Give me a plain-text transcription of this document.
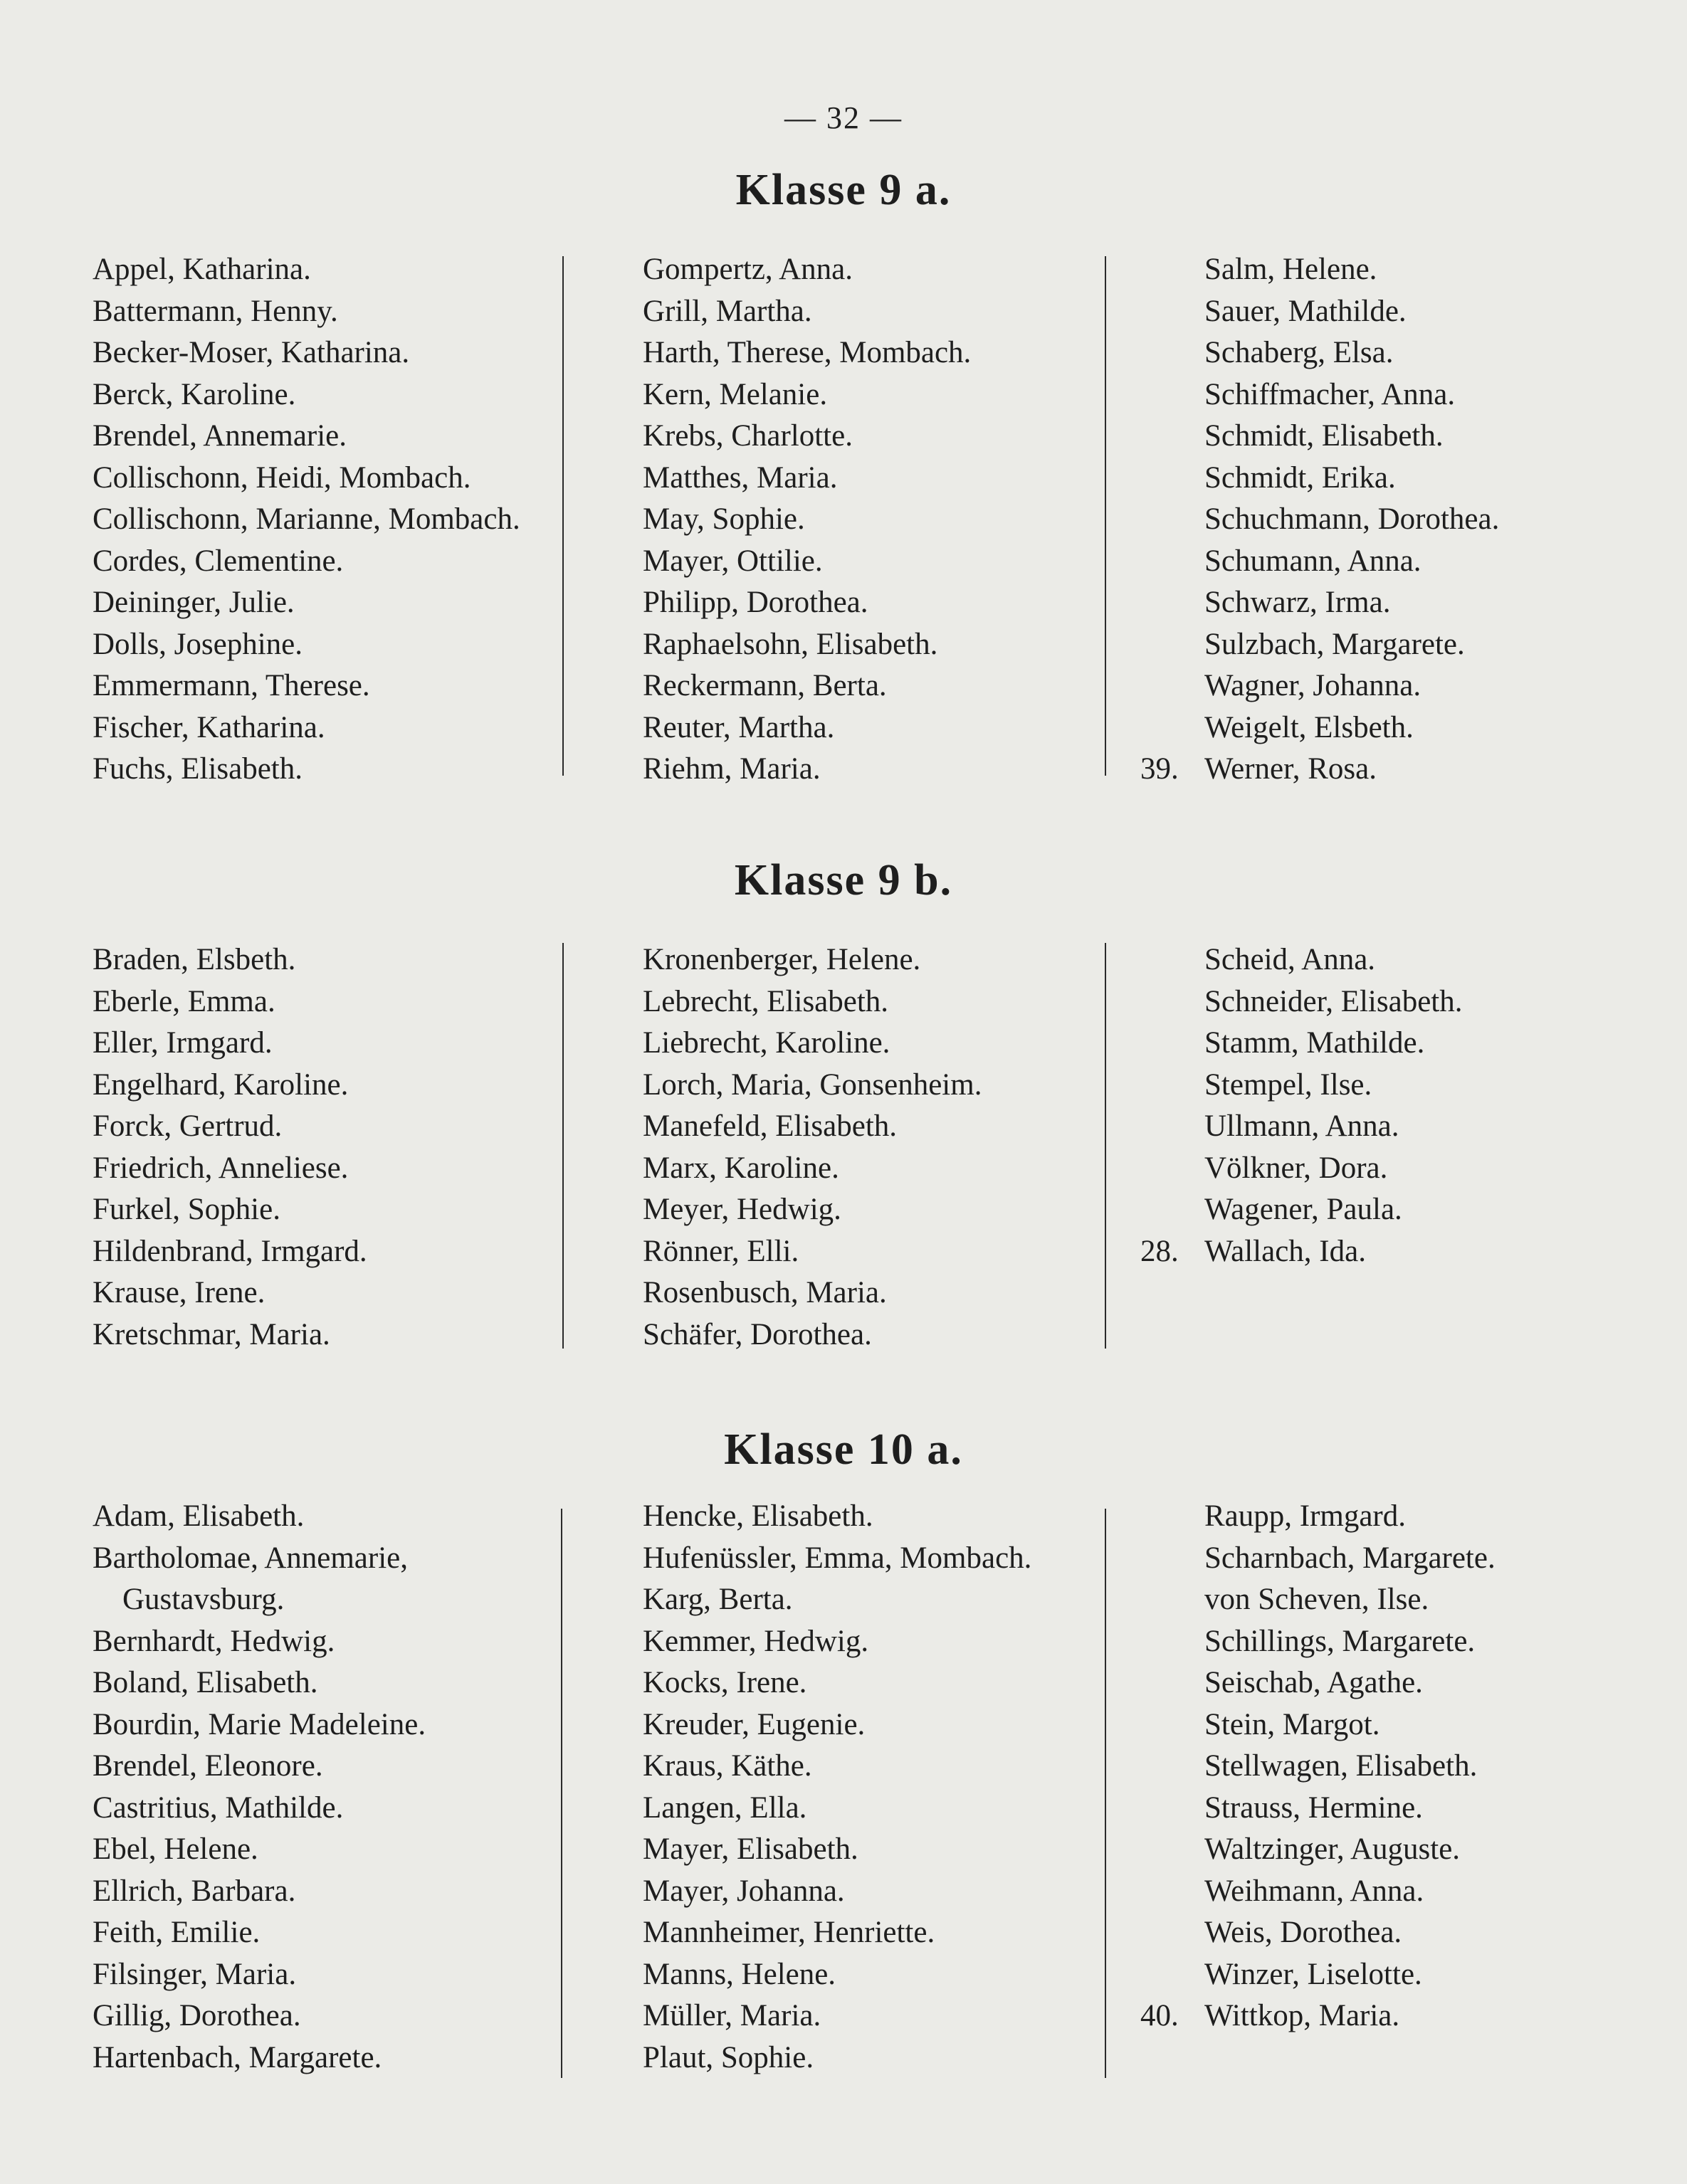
— 32 —
Klasse 9 a.
Appel, Katharina.
Battermann, Henny.
Becker-Moser, Katharina.
Berck, Karoline.
Brendel, Annemarie.
Collischonn, Heidi, Mombach.
Collischonn, Marianne, Mombach.
Cordes, Clementine.
Deininger, Julie.
Dolls, Josephine.
Emmermann, Therese.
Fischer, Katharina.
Fuchs, Elisabeth.
Gompertz, Anna.
Grill, Martha.
Harth, Therese, Mombach.
Kern, Melanie.
Krebs, Charlotte.
Matthes, Maria.
May, Sophie.
Mayer, Ottilie.
Philipp, Dorothea.
Raphaelsohn, Elisabeth.
Reckermann, Berta.
Reuter, Martha.
Riehm, Maria.
Salm, Helene.
Sauer, Mathilde.
Schaberg, Elsa.
Schiffmacher, Anna.
Schmidt, Elisabeth.
Schmidt, Erika.
Schuchmann, Dorothea.
Schumann, Anna.
Schwarz, Irma.
Sulzbach, Margarete.
Wagner, Johanna.
Weigelt, Elsbeth.
39. Werner, Rosa.
Klasse 9 b.
Braden, Elsbeth.
Eberle, Emma.
Eller, Irmgard.
Engelhard, Karoline.
Forck, Gertrud.
Friedrich, Anneliese.
Furkel, Sophie.
Hildenbrand, Irmgard.
Krause, Irene.
Kretschmar, Maria.
Kronenberger, Helene.
Lebrecht, Elisabeth.
Liebrecht, Karoline.
Lorch, Maria, Gonsenheim.
Manefeld, Elisabeth.
Marx, Karoline.
Meyer, Hedwig.
Rönner, Elli.
Rosenbusch, Maria.
Schäfer, Dorothea.
Scheid, Anna.
Schneider, Elisabeth.
Stamm, Mathilde.
Stempel, Ilse.
Ullmann, Anna.
Völkner, Dora.
Wagener, Paula.
28. Wallach, Ida.
Klasse 10 a.
Adam, Elisabeth.
Bartholomae, Annemarie,
Gustavsburg.
Bernhardt, Hedwig.
Boland, Elisabeth.
Bourdin, Marie Madeleine.
Brendel, Eleonore.
Castritius, Mathilde.
Ebel, Helene.
Ellrich, Barbara.
Feith, Emilie.
Filsinger, Maria.
Gillig, Dorothea.
Hartenbach, Margarete.
Hencke, Elisabeth.
Hufenüssler, Emma, Mombach.
Karg, Berta.
Kemmer, Hedwig.
Kocks, Irene.
Kreuder, Eugenie.
Kraus, Käthe.
Langen, Ella.
Mayer, Elisabeth.
Mayer, Johanna.
Mannheimer, Henriette.
Manns, Helene.
Müller, Maria.
Plaut, Sophie.
Raupp, Irmgard.
Scharnbach, Margarete.
von Scheven, Ilse.
Schillings, Margarete.
Seischab, Agathe.
Stein, Margot.
Stellwagen, Elisabeth.
Strauss, Hermine.
Waltzinger, Auguste.
Weihmann, Anna.
Weis, Dorothea.
Winzer, Liselotte.
40. Wittkop, Maria.
